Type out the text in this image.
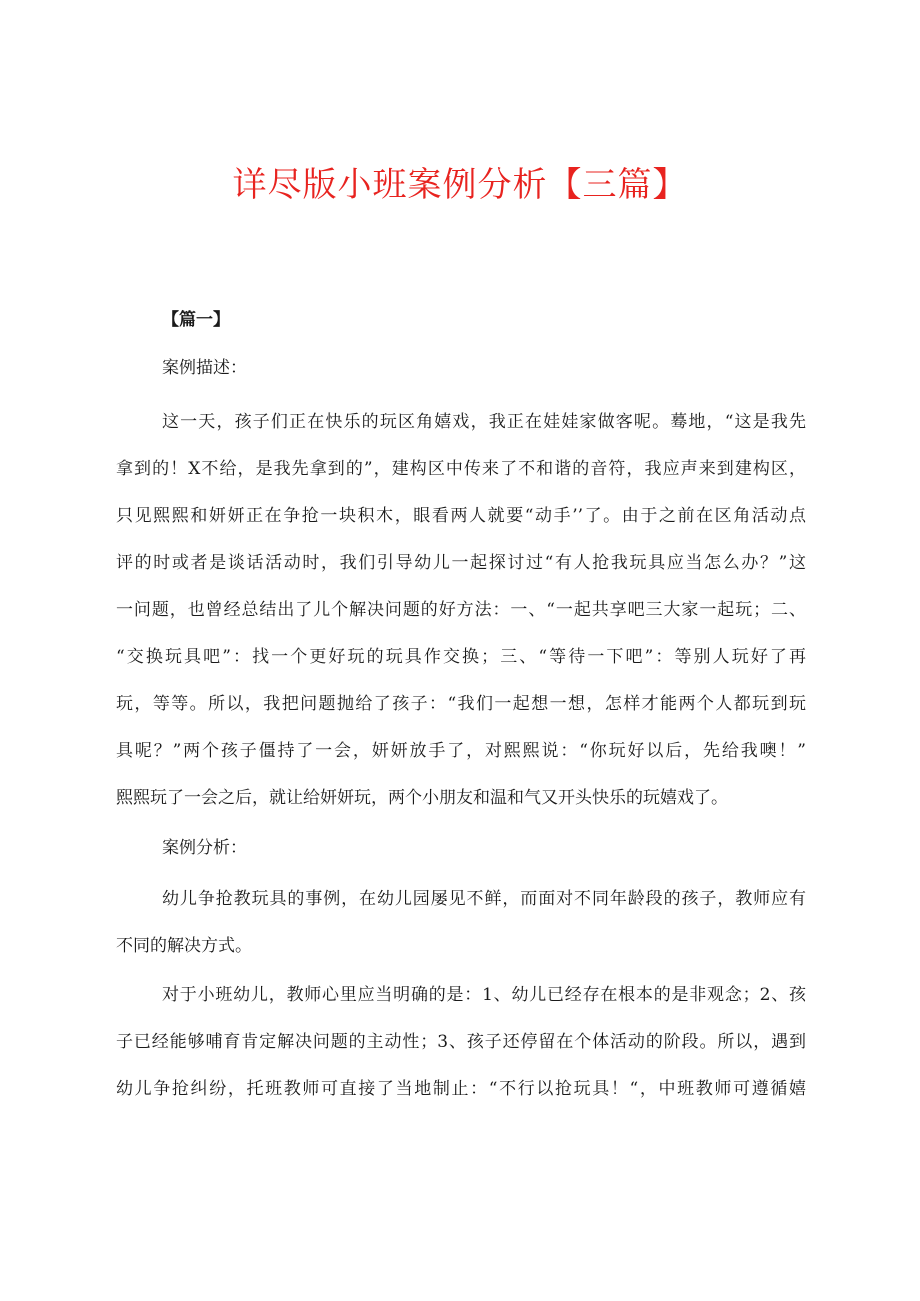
详尽版小班案例分析【三篇】

【篇一】

案例描述：

这一天，孩子们正在快乐的玩区角嬉戏，我正在娃娃家做客呢。蓦地，“这是我先
拿到的！X不给，是我先拿到的”，建构区中传来了不和谐的音符，我应声来到建构区，
只见熙熙和妍妍正在争抢一块积木，眼看两人就要“动手’’了。由于之前在区角活动点
评的时或者是谈话活动时，我们引导幼儿一起探讨过“有人抢我玩具应当怎么办？”这
一问题，也曾经总结出了儿个解决问题的好方法：一、“一起共享吧三大家一起玩；二、
“交换玩具吧”：找一个更好玩的玩具作交换；三、“等待一下吧”：等别人玩好了再
玩，等等。所以，我把问题抛给了孩子：“我们一起想一想，怎样才能两个人都玩到玩
具呢？”两个孩子僵持了一会，妍妍放手了，对熙熙说：“你玩好以后，先给我噢！”
熙熙玩了一会之后，就让给妍妍玩，两个小朋友和温和气又开头快乐的玩嬉戏了。

案例分析：

幼儿争抢教玩具的事例，在幼儿园屡见不鲜，而面对不同年龄段的孩子，教师应有
不同的解决方式。
对于小班幼儿，教师心里应当明确的是：1、幼儿已经存在根本的是非观念；2、孩
子已经能够哺育肯定解决问题的主动性；3、孩子还停留在个体活动的阶段。所以，遇到
幼儿争抢纠纷，托班教师可直接了当地制止：“不行以抢玩具！“，中班教师可遵循嬉
